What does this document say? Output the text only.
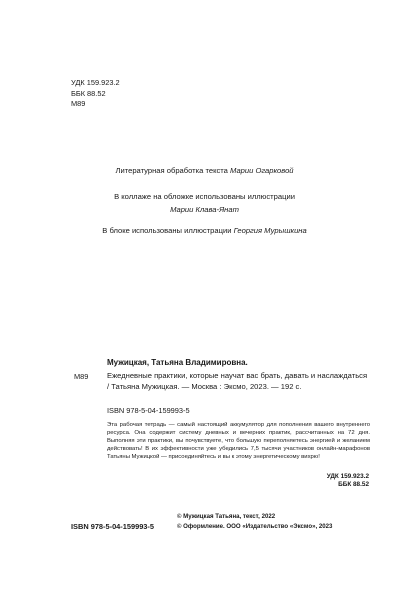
УДК 159.923.2
ББК 88.52
М89
Литературная обработка текста Марии Огарковой
В коллаже на обложке использованы иллюстрации
Марии Клава-Янат
В блоке использованы иллюстрации Георгия Мурышкина
Мужицкая, Татьяна Владимировна.
М89 Ежедневные практики, которые научат вас брать, давать и наслаждаться / Татьяна Мужицкая. — Москва : Эксмо, 2023. — 192 с.
ISBN 978-5-04-159993-5
Эта рабочая тетрадь — самый настоящий аккумулятор для пополнения вашего внутреннего ресурса. Она содержит систему дневных и вечерних практик, рассчитанных на 72 дня. Выполняя эти практики, вы почувствуете, что большую переполняетесь энергией и желанием действовать! В их эффективности уже убедились 7,5 тысячи участников онлайн-марафонов Татьяны Мужицкой — присоединяйтесь и вы к этому энергетическому вихрю!
УДК 159.923.2
ББК 88.52
ISBN 978-5-04-159993-5
© Мужицкая Татьяна, текст, 2022
© Оформление. ООО «Издательство «Эксмо», 2023
